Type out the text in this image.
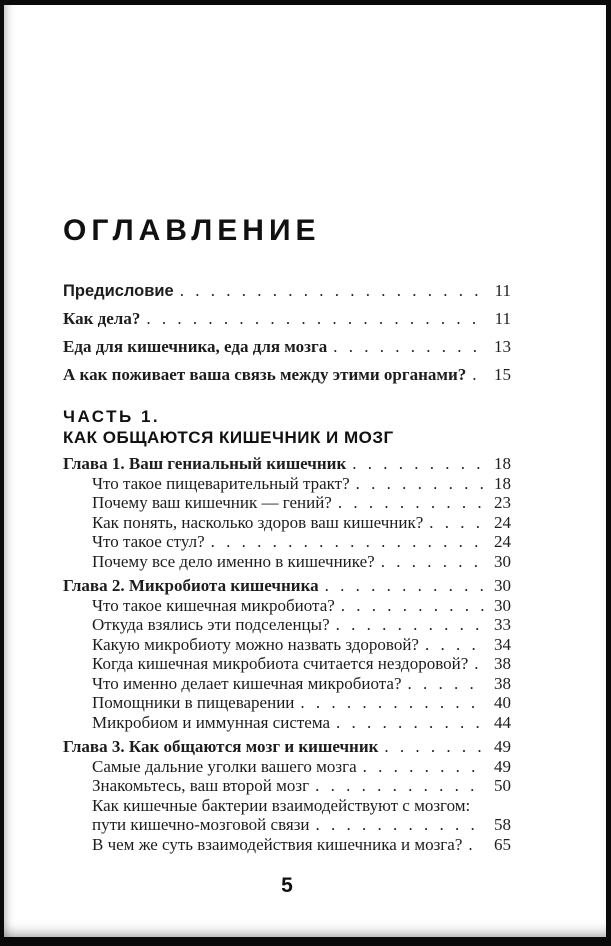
ОГЛАВЛЕНИЕ
Предисловие . . .	11
Как дела? . . .	11
Еда для кишечника, еда для мозга . . .	13
А как поживает ваша связь между этими органами? . . .	15
ЧАСТЬ 1.
КАК ОБЩАЮТСЯ КИШЕЧНИК И МОЗГ
Глава 1. Ваш гениальный кишечник . . .	18
Что такое пищеварительный тракт? . . .	18
Почему ваш кишечник — гений? . . .	23
Как понять, насколько здоров ваш кишечник? . . .	24
Что такое стул? . . .	24
Почему все дело именно в кишечнике? . . .	30
Глава 2. Микробиота кишечника . . .	30
Что такое кишечная микробиота? . . .	30
Откуда взялись эти подселенцы? . . .	33
Какую микробиоту можно назвать здоровой? . . .	34
Когда кишечная микробиота считается нездоровой? . . .	38
Что именно делает кишечная микробиота? . . .	38
Помощники в пищеварении . . .	40
Микробиом и иммунная система . . .	44
Глава 3. Как общаются мозг и кишечник . . .	49
Самые дальние уголки вашего мозга . . .	49
Знакомьтесь, ваш второй мозг . . .	50
Как кишечные бактерии взаимодействуют с мозгом:
пути кишечно-мозговой связи . . .	58
В чем же суть взаимодействия кишечника и мозга? . . .	65
5
